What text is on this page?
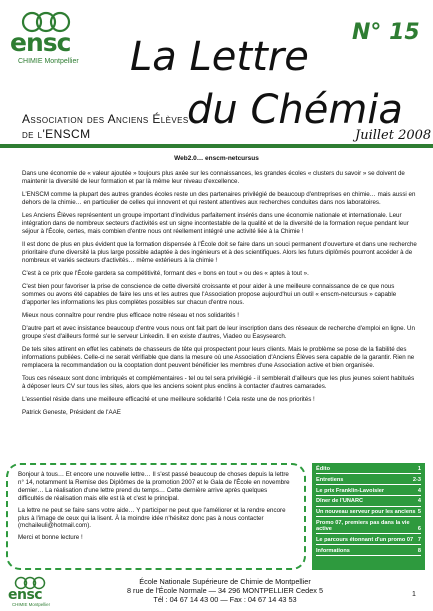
ensc
CHIMIE Montpellier
N° 15
La Lettre
du Chémia
Association des Anciens Élèves
de l'ENSCM	Juillet 2008
Web2.0… enscm-netcursus

Dans une économie de « valeur ajoutée » toujours plus axée sur les connaissances, les grandes écoles « clusters du savoir » se doivent de maintenir la diversité de leur formation et par là même leur niveau d'excellence.

L'ENSCM comme la plupart des autres grandes écoles reste un des partenaires privilégié de beaucoup d'entreprises en chimie… mais aussi en dehors de la chimie… en particulier de celles qui innovent et qui restent attentives aux recherches conduites dans nos laboratoires.

Les Anciens Élèves représentent un groupe important d'individus parfaitement insérés dans une économie nationale et internationale. Leur intégration dans de nombreux secteurs d'activités est un signe incontestable de la qualité et de la diversité de la formation reçue pendant leur séjour à l'École, certes, mais combien d'entre nous ont réellement intégré une activité liée à la Chimie !

Il est donc de plus en plus évident que la formation dispensée à l'École doit se faire dans un souci permanent d'ouverture et dans une recherche prioritaire d'une diversité la plus large possible adaptée à des ingénieurs et à des scientifiques. Alors les futurs diplômés pourront accéder à de nombreux et variés secteurs d'activités… même extérieurs à la chimie !

C'est à ce prix que l'École gardera sa compétitivité, formant des « bons en tout » ou des « aptes à tout ».

C'est bien pour favoriser la prise de conscience de cette diversité croissante et pour aider à une meilleure connaissance de ce que nous sommes ou avons été capables de faire les uns et les autres que l'Association propose aujourd'hui un outil « enscm-netcursus » capable d'apporter les informations les plus complètes possibles sur chacun d'entre nous.

Mieux nous connaître pour rendre plus efficace notre réseau et nos solidarités !

D'autre part et avec insistance beaucoup d'entre vous nous ont fait part de leur inscription dans des réseaux de recherche d'emploi en ligne. Un groupe s'est d'ailleurs formé sur le serveur Linkedin. Il en existe d'autres, Viadeo ou Easysearch.

De tels sites attirent en effet les cabinets de chasseurs de tête qui prospectent pour leurs clients. Mais le problème se pose de la fiabilité des informations publiées. Celle-ci ne serait vérifiable que dans la mesure où une Association d'Anciens Élèves sera capable de la garantir. Rien ne remplacera la recommandation ou la cooptation dont peuvent bénéficier les membres d'une Association active et bien organisée.

Tous ces réseaux sont donc imbriqués et complémentaires - tel ou tel sera privilégié - il semblerait d'ailleurs que les plus jeunes soient habitués à déposer leurs CV sur tous les sites, alors que les anciens soient plus enclins à contacter d'autres camarades.

L'essentiel réside dans une meilleure efficacité et une meilleure solidarité ! Cela reste une de nos priorités !

Patrick Geneste, Président de l'AAE

Bonjour à tous… Et encore une nouvelle lettre… Il s'est passé beaucoup de choses depuis la lettre n° 14, notamment la Remise des Diplômes de la promotion 2007 et le Gala de l'École en novembre dernier… La réalisation d'une lettre prend du temps… Cette dernière arrive après quelques difficultés de réalisation mais elle est là et c'est le principal.

La lettre ne peut se faire sans votre aide… Y participer ne peut que l'améliorer et la rendre encore plus à l'image de ceux qui la lisent. À la moindre idée n'hésitez donc pas à nous contacter (mchaileuli@hotmail.com).

Merci et bonne lecture !

Édito	1
Entretiens	2-3
Le prix Franklin-Lavoisier	4
Dîner de l'UNARC	4
Un nouveau serveur pour les anciens 5
Promo 07, premiers pas dans la vie active	6
Le parcours étonnant d'un promo 07 7
Informations	8
ensc
CHIMIE Montpellier
École Nationale Supérieure de Chimie de Montpellier
8 rue de l'École Normale — 34 296 MONTPELLIER Cedex 5
Tél : 04 67 14 43 00 — Fax : 04 67 14 43 53
1
